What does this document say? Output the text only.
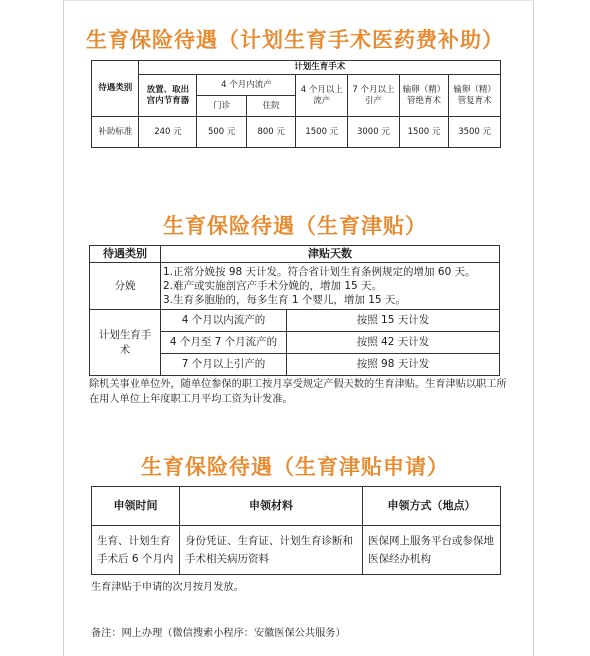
生育保险待遇（计划生育手术医药费补助）
待遇类别	计划生育手术						
	放置、取出宫内节育器	4 个月内流产		4 个月以上流产	7 个月以上引产	输卵（精）管绝育术	输卵（精）管复育术
		门诊	住院				
补助标准	240 元	500 元	800 元	1500 元	3000 元	1500 元	3500 元
生育保险待遇（生育津贴）
待遇类别	津贴天数	
分娩	1.正常分娩按 98 天计发。符合省计划生育条例规定的增加 60 天。
2.难产或实施剖宫产手术分娩的，增加 15 天。
3.生育多胞胎的，每多生育 1 个婴儿，增加 15 天。	

计划生育手术	4 个月以内流产的	按照 15 天计发
	4 个月至 7 个月流产的	按照 42 天计发
	7 个月以上引产的	按照 98 天计发
除机关事业单位外，随单位参保的职工按月享受规定产假天数的生育津贴。生育津贴以职工所在用人单位上年度职工月平均工资为计发准。
生育保险待遇（生育津贴申请）
申领时间	申领材料	申领方式（地点）
生育、计划生育手术后 6 个月内	身份凭证、生育证、计划生育诊断和手术相关病历资料	医保网上服务平台或参保地医保经办机构
生育津贴于申请的次月按月发放。
备注：网上办理（微信搜索小程序：安徽医保公共服务）
